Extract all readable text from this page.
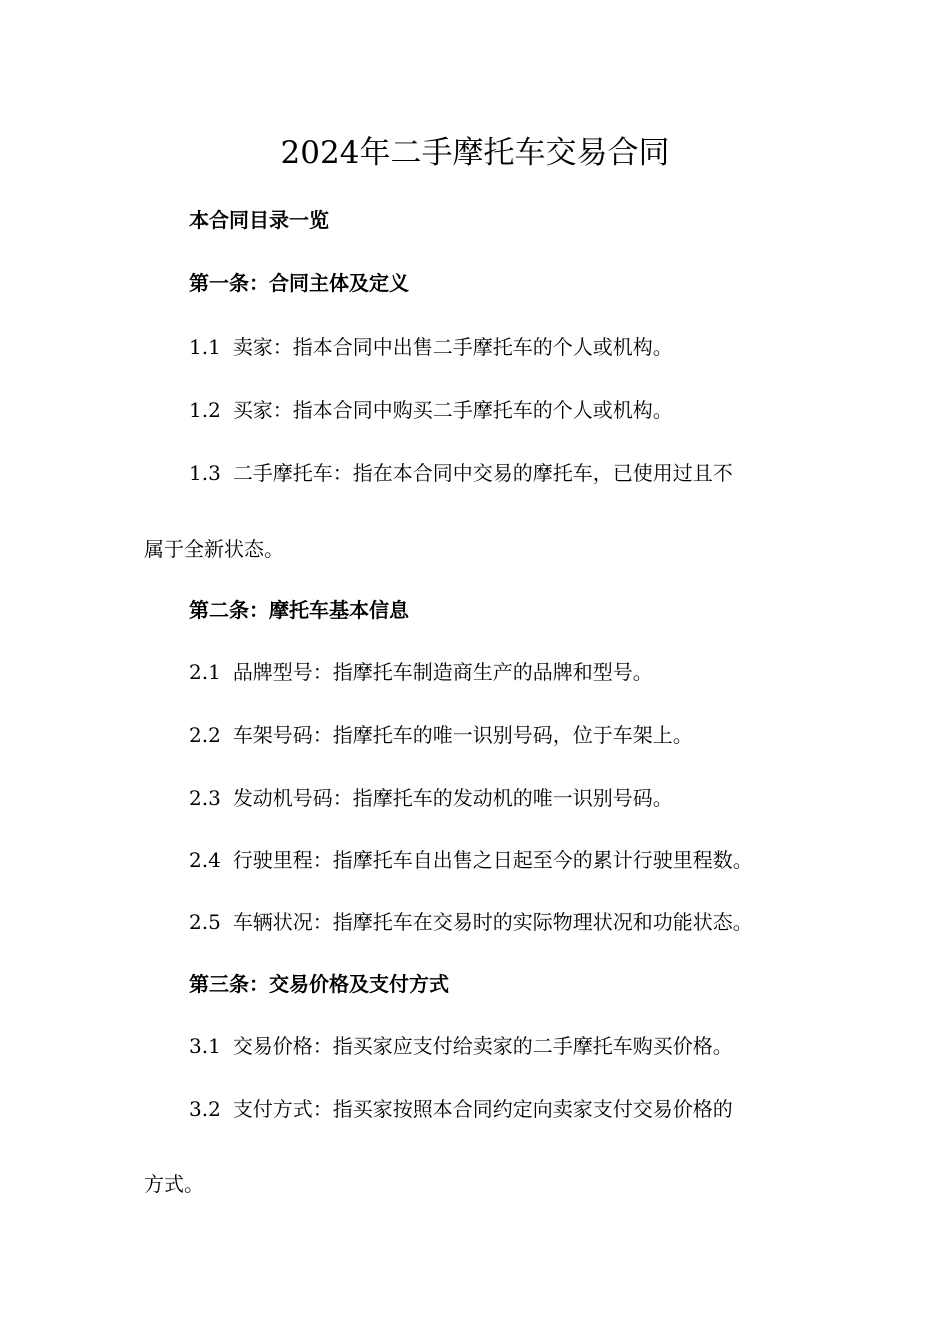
2024年二手摩托车交易合同

本合同目录一览

第一条：合同主体及定义

1.1 卖家：指本合同中出售二手摩托车的个人或机构。

1.2 买家：指本合同中购买二手摩托车的个人或机构。

1.3 二手摩托车：指在本合同中交易的摩托车，已使用过且不

属于全新状态。

第二条：摩托车基本信息

2.1 品牌型号：指摩托车制造商生产的品牌和型号。

2.2 车架号码：指摩托车的唯一识别号码，位于车架上。

2.3 发动机号码：指摩托车的发动机的唯一识别号码。

2.4 行驶里程：指摩托车自出售之日起至今的累计行驶里程数。

2.5 车辆状况：指摩托车在交易时的实际物理状况和功能状态。

第三条：交易价格及支付方式

3.1 交易价格：指买家应支付给卖家的二手摩托车购买价格。

3.2 支付方式：指买家按照本合同约定向卖家支付交易价格的

方式。
